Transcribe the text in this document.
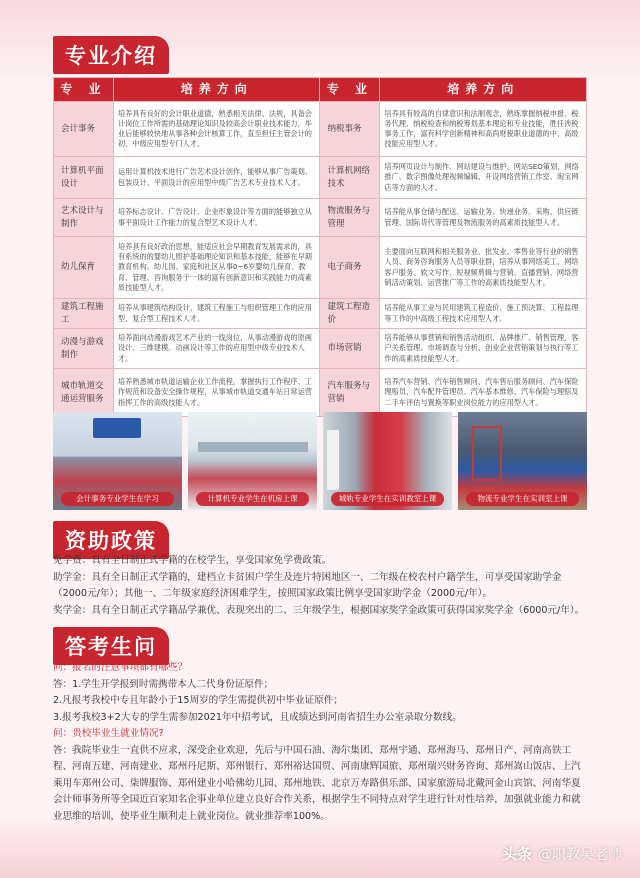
专业介绍
专 业	培养方向	专 业	培养方向
会计事务	培养具有良好的会计职业道德，熟悉相关法律、法规，具备会计岗位工作所需的基础理论知识及较高会计职业技术能力，毕业后能够较快地从事各种会计核算工作，直至担任主管会计的初、中级应用型专门人才。	纳税事务	培养具有较高的自律意识和法制观念，熟练掌握纳税申报、税务代理、纳税检查和纳税筹划基本理论和专业技能，胜任涉税事务工作，富有科学创新精神和高尚财税职业道德的中、高级技能应用型人才。
计算机平面设计	运用计算机技术进行广告艺术设计创作，能够从事广告策划、包装设计、平面设计的应用型中级广告艺术专业技术人才。	计算机网络技术	培养网页设计与制作、网站建设与维护、网站SEO策划、网络推广、数字图像处理视频编辑、开设网络营销工作室、淘宝网店等方面的人才。
艺术设计与制作	培养标志设计、广告设计、企业形象设计等方面的能够独立从事平面设计工作能力的复合型艺术设计人才。	物流服务与管理	培养能从事仓储与配送、运输业务、快递业务、采购、供应链管理、国际货代等管理及物流服务的高素质技能型人才。
幼儿保育	培养具有良好政治思想，能适应社会早期教育发展需求的，具有系统的的婴幼儿照护基础理论知识和基本技能，能够在早期教育机构、幼儿园、家庭和社区从事0~6岁婴幼儿保育、教育、管理、咨询服务于一体的富有创新意识和实践能力的高素质技能型人才。	电子商务	主要面向互联网和相关服务业、批发业、零售业等行业的销售人员、商务咨询服务人员等职业群，培养从事网络美工、网络客户服务、软文写作、短视频剪辑与营销、直播营销、网络营销活动策划、运营推广等工作的高素质技能型人才。
建筑工程施工	培养从事建筑结构设计、建筑工程施工与组织管理工作的应用型、复合型工程技术人才。	建筑工程造价	培养能从事工业与民用建筑工程造价、施工预决算、工程监理等工作的中高级工程技术应用型人才。
动漫与游戏制作	培养面向动漫游戏艺术产业的一线岗位，从事动漫游戏的原画设计、三维建模、动画设计等工作的应用型中级专业技术人才。	市场营销	培养能够从事营销和销售活动组织、品牌推广、销售管理、客户关系管理、市场调查与分析、创业企业营销策划与执行等工作的高素质技能型人才。
城市轨道交通运营服务	培养熟悉城市轨道运输企业工作流程，掌握执行工作程序、工作规范和设备安全操作规程，从事城市轨道交通车站日常运营指挥工作的高级技能人才。	汽车服务与营销	培养汽车营销、汽车销售顾问、汽车售后服务顾问、汽车保险理赔员、汽车配件管理员、汽车基本维修、汽车保险与理赔及二手车评估与置换等职业岗位能力的应用型人才。
会计事务专业学生在学习	计算机专业学生在机房上课	城轨专业学生在实训教室上课	物流专业学生在实训室上课
资助政策
免学费：具有全日制正式学籍的在校学生，享受国家免学费政策。
助学金：具有全日制正式学籍的，建档立卡贫困户学生及连片特困地区一、二年级在校农村户籍学生，可享受国家助学金（2000元/年）；其他一、二年级家庭经济困难学生，按照国家政策比例享受国家助学金（2000元/年）。
奖学金：具有全日制正式学籍品学兼优、表现突出的二、三年级学生，根据国家奖学金政策可获得国家奖学金（6000元/年）。
答考生问
问：报名的注意事项都有哪些？
答：1.学生开学报到时需携带本人二代身份证原件；
2.凡报考我校中专且年龄小于15周岁的学生需提供初中毕业证原件；
3.报考我校3+2大专的学生需参加2021年中招考试，且成绩达到河南省招生办公室录取分数线。
问：贵校毕业生就业情况?
答：我院毕业生一直供不应求，深受企业欢迎，先后与中国石油、海尔集团、郑州宇通、郑州海马、郑州日产、河南高铁工程、河南五建、河南建业、郑州丹尼斯、郑州银行、郑州裕达国贸、河南康辉国旅、郑州瑞兴财务咨询、郑州嵩山饭店、上汽乘用车郑州公司、柒牌服饰、郑州建业小哈佛幼儿园、郑州地铁、北京万寿路俱乐部、国家旅游局北戴河金山宾馆、河南华夏会计师事务所等全国近百家知名企事业单位建立良好合作关系，根据学生不同特点对学生进行针对性培养，加强就业能力和就业思维的培训，使毕业生顺利走上就业岗位。就业推荐率100%。
头条 @职教吴老师
